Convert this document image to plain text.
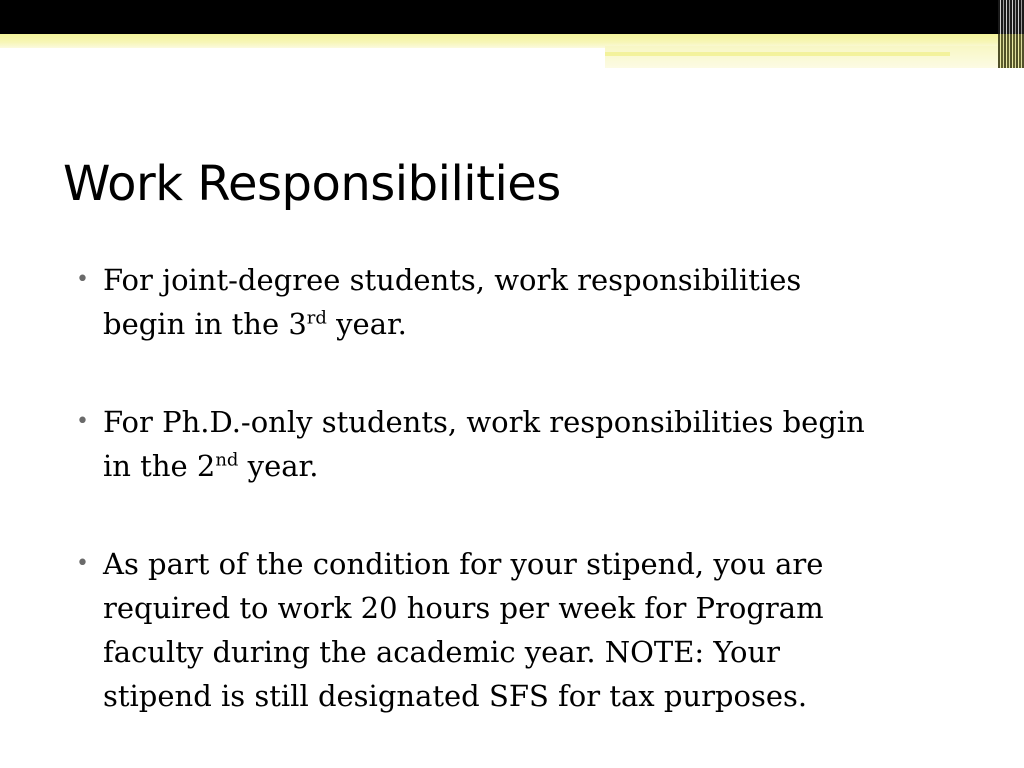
Work Responsibilities
• For joint-degree students, work responsibilities
begin in the 3rd year.
• For Ph.D.-only students, work responsibilities begin
in the 2nd year.
• As part of the condition for your stipend, you are
required to work 20 hours per week for Program
faculty during the academic year. NOTE: Your
stipend is still designated SFS for tax purposes.
